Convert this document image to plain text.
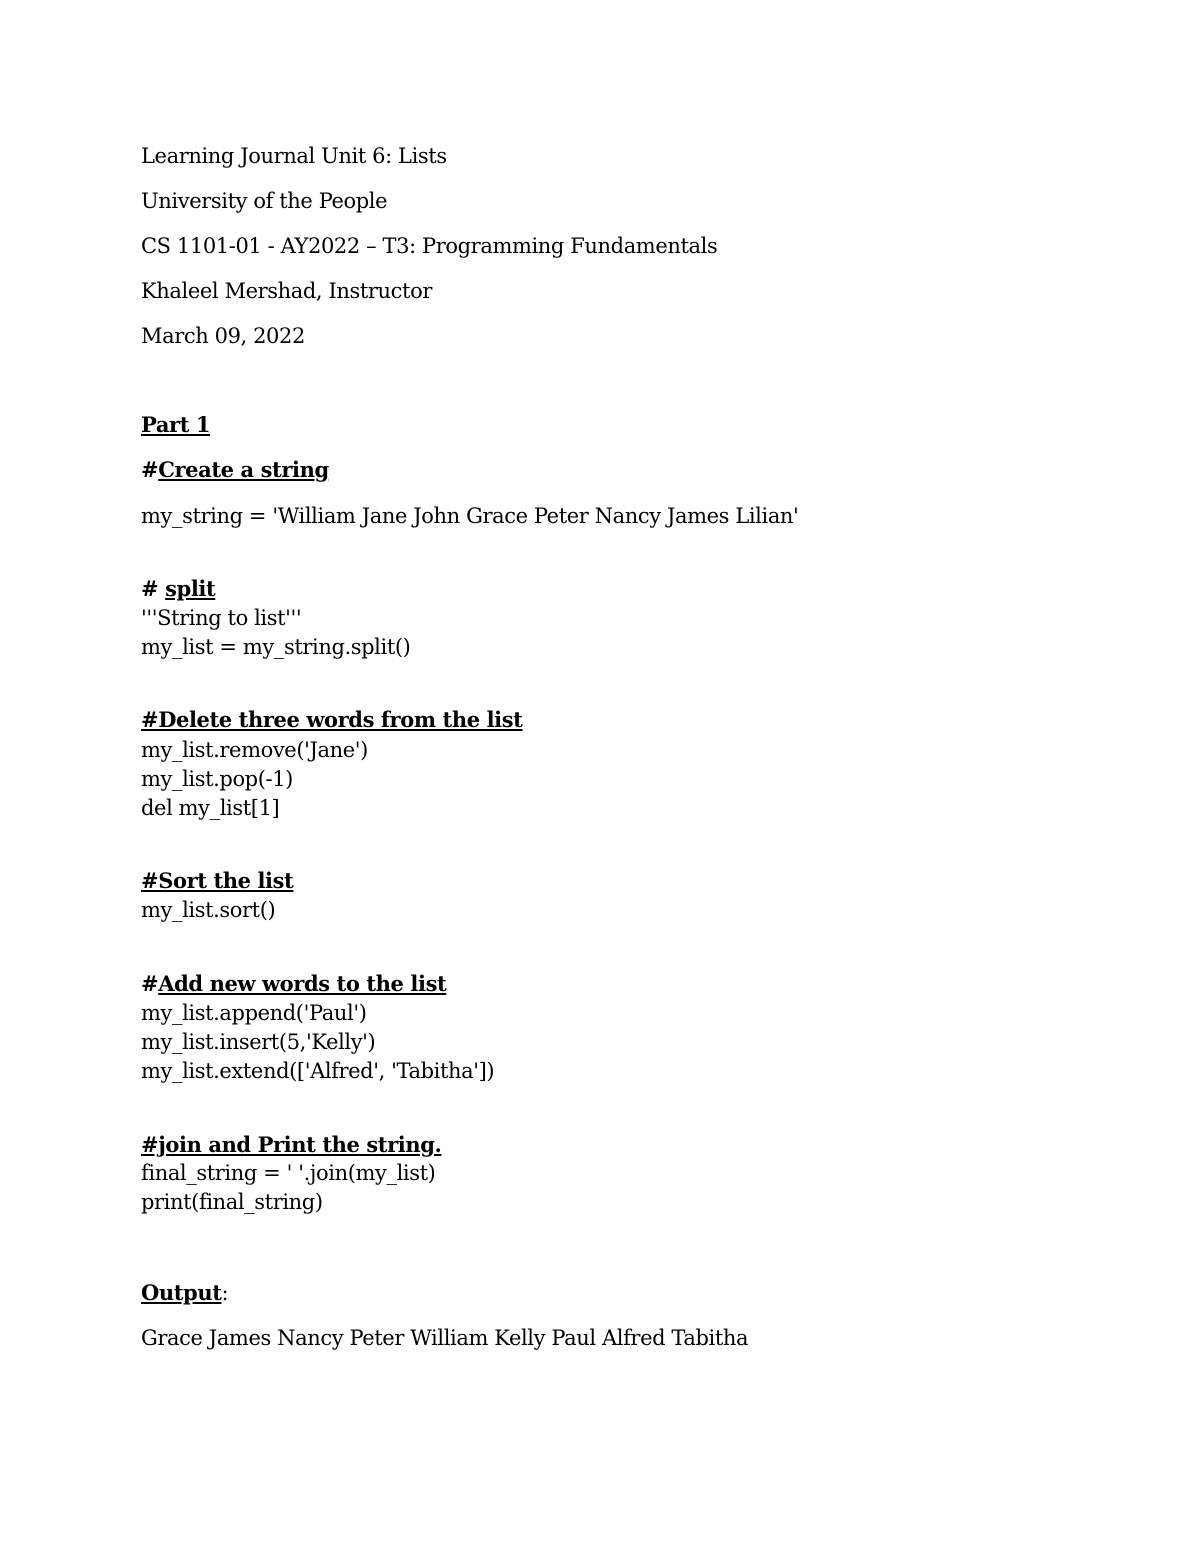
Learning Journal Unit 6: Lists
University of the People
CS 1101-01 - AY2022 – T3: Programming Fundamentals
Khaleel Mershad, Instructor
March 09, 2022
Part 1
#Create a string
my_string = 'William Jane John Grace Peter Nancy James Lilian'
# split
'''String to list'''
my_list = my_string.split()
#Delete three words from the list
my_list.remove('Jane')
my_list.pop(-1)
del my_list[1]
#Sort the list
my_list.sort()
#Add new words to the list
my_list.append('Paul')
my_list.insert(5,'Kelly')
my_list.extend(['Alfred', 'Tabitha'])
#join and Print the string.
final_string = ' '.join(my_list)
print(final_string)
Output:
Grace James Nancy Peter William Kelly Paul Alfred Tabitha
